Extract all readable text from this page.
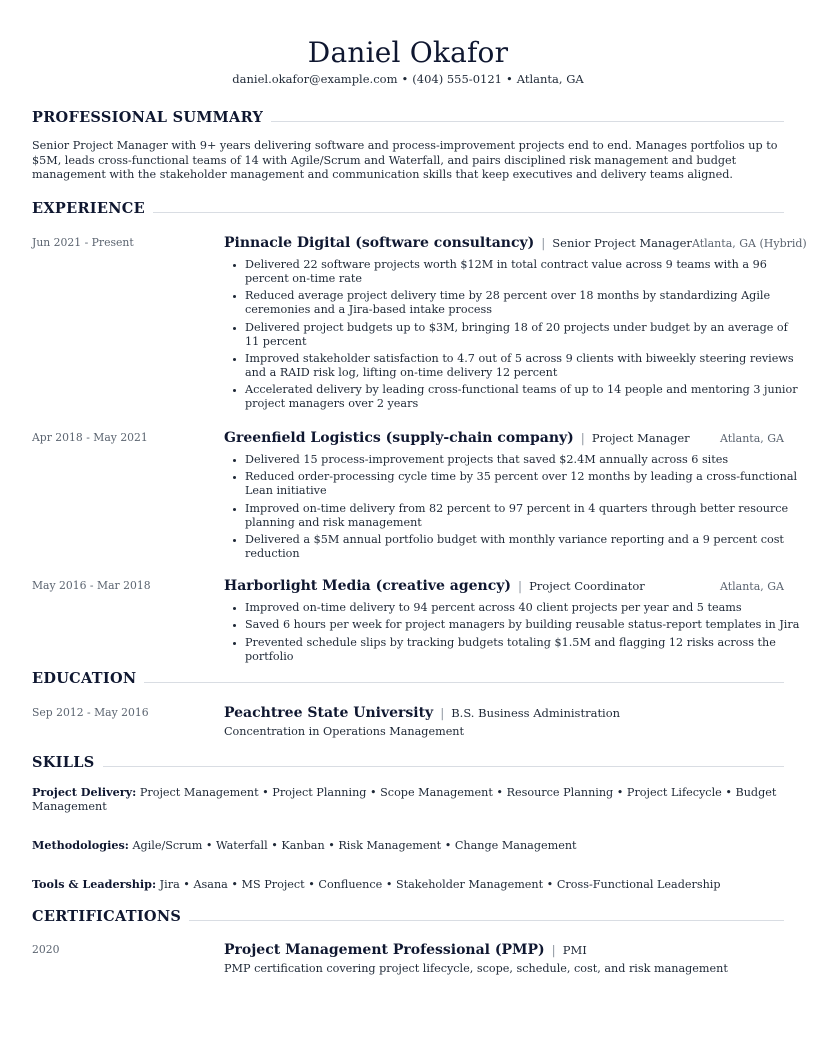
Daniel Okafor
daniel.okafor@example.com • (404) 555-0121 • Atlanta, GA
PROFESSIONAL SUMMARY
Senior Project Manager with 9+ years delivering software and process-improvement projects end to end. Manages portfolios up to $5M, leads cross-functional teams of 14 with Agile/Scrum and Waterfall, and pairs disciplined risk management and budget management with the stakeholder management and communication skills that keep executives and delivery teams aligned.
EXPERIENCE
Jun 2021 - Present	Pinnacle Digital (software consultancy) | Senior Project Manager Atlanta, GA (Hybrid)
• Delivered 22 software projects worth $12M in total contract value across 9 teams with a 96 percent on-time rate
• Reduced average project delivery time by 28 percent over 18 months by standardizing Agile ceremonies and a Jira-based intake process
• Delivered project budgets up to $3M, bringing 18 of 20 projects under budget by an average of 11 percent
• Improved stakeholder satisfaction to 4.7 out of 5 across 9 clients with biweekly steering reviews and a RAID risk log, lifting on-time delivery 12 percent
• Accelerated delivery by leading cross-functional teams of up to 14 people and mentoring 3 junior project managers over 2 years
Apr 2018 - May 2021	Greenfield Logistics (supply-chain company) | Project Manager	Atlanta, GA
• Delivered 15 process-improvement projects that saved $2.4M annually across 6 sites
• Reduced order-processing cycle time by 35 percent over 12 months by leading a cross-functional Lean initiative
• Improved on-time delivery from 82 percent to 97 percent in 4 quarters through better resource planning and risk management
• Delivered a $5M annual portfolio budget with monthly variance reporting and a 9 percent cost reduction
May 2016 - Mar 2018	Harborlight Media (creative agency) | Project Coordinator	Atlanta, GA
• Improved on-time delivery to 94 percent across 40 client projects per year and 5 teams
• Saved 6 hours per week for project managers by building reusable status-report templates in Jira
• Prevented schedule slips by tracking budgets totaling $1.5M and flagging 12 risks across the portfolio
EDUCATION
Sep 2012 - May 2016	Peachtree State University | B.S. Business Administration
Concentration in Operations Management
SKILLS
Project Delivery: Project Management • Project Planning • Scope Management • Resource Planning • Project Lifecycle • Budget Management
Methodologies: Agile/Scrum • Waterfall • Kanban • Risk Management • Change Management
Tools & Leadership: Jira • Asana • MS Project • Confluence • Stakeholder Management • Cross-Functional Leadership
CERTIFICATIONS
2020	Project Management Professional (PMP) | PMI
PMP certification covering project lifecycle, scope, schedule, cost, and risk management
